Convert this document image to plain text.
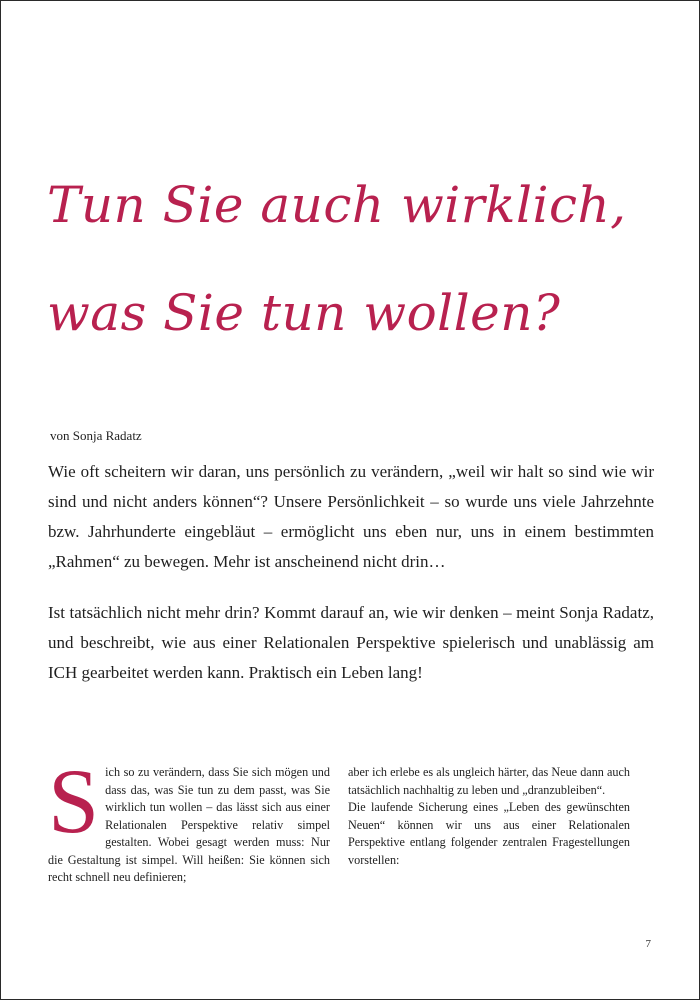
Tun Sie auch wirklich,
was Sie tun wollen?

von Sonja Radatz

Wie oft scheitern wir daran, uns persönlich zu verändern, „weil wir halt so sind wie wir sind und nicht anders können“? Unsere Persönlichkeit – so wurde uns viele Jahrzehnte bzw. Jahrhunderte eingebläut – ermöglicht uns eben nur, uns in einem bestimmten „Rahmen“ zu bewegen. Mehr ist anscheinend nicht drin…

Ist tatsächlich nicht mehr drin? Kommt darauf an, wie wir denken – meint Sonja Radatz, und beschreibt, wie aus einer Relationalen Perspektive spielerisch und unablässig am ICH gearbeitet werden kann. Praktisch ein Leben lang!

S ich so zu verändern, dass Sie sich mögen und dass das, was Sie tun zu dem passt, was Sie wirklich tun wollen – das lässt sich aus einer Relationalen Perspektive relativ simpel gestalten. Wobei gesagt werden muss: Nur die Gestaltung ist simpel. Will heißen: Sie können sich recht schnell neu definieren;

aber ich erlebe es als ungleich härter, das Neue dann auch tatsächlich nachhaltig zu leben und „dranzubleiben“.

Die laufende Sicherung eines „Leben des gewünschten Neuen“ können wir uns aus einer Relationalen Perspektive entlang folgender zentralen Fragestellungen vorstellen:

7
